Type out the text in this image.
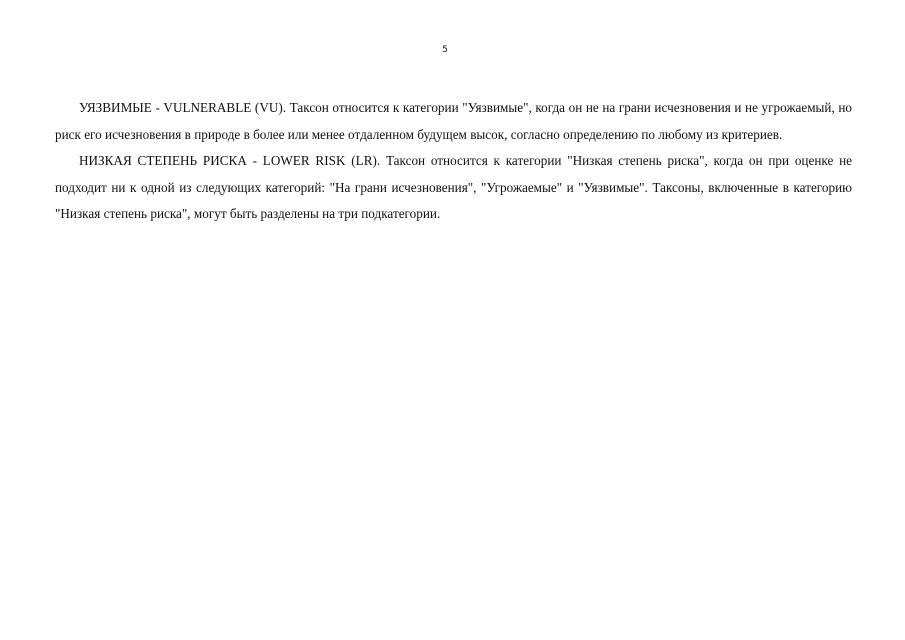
5

УЯЗВИМЫЕ - VULNERABLE (VU). Таксон относится к категории "Уязвимые", когда он не на грани исчезновения и не угрожаемый, но риск его исчезновения в природе в более или менее отдаленном будущем высок, согласно определению по любому из критериев.

НИЗКАЯ СТЕПЕНЬ РИСКА - LOWER RISK (LR). Таксон относится к категории "Низкая степень риска", когда он при оценке не подходит ни к одной из следующих категорий: "На грани исчезновения", "Угрожаемые" и "Уязвимые". Таксоны, включенные в категорию "Низкая степень риска", могут быть разделены на три подкатегории.
